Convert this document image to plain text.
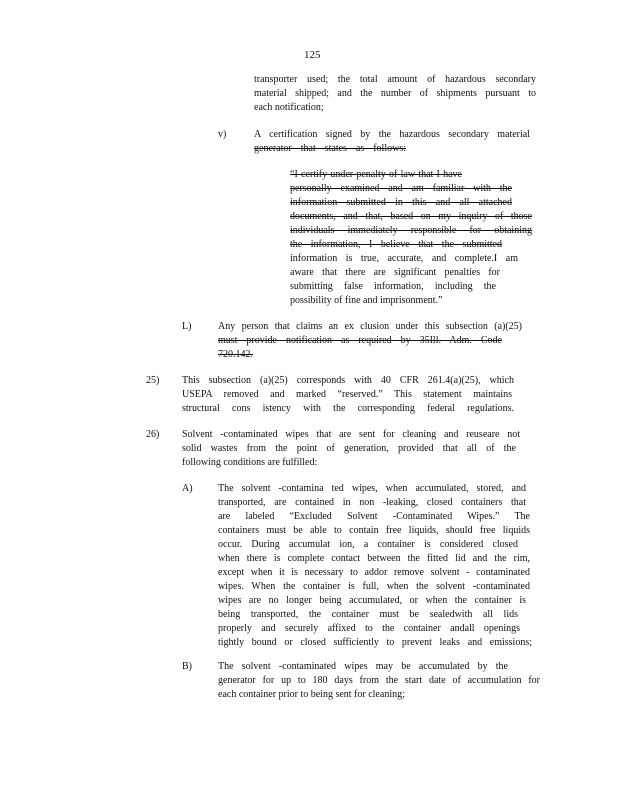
125
transporter used; the total amount of hazardous secondary
material shipped; and the number of shipments pursuant to
each notification;
v)	A certification signed by the hazardous secondary material
generator that states as follows:
“I certify under penalty of law that I have
personally examined and am familiar with the
information submitted in this and all attached
documents, and that, based on my inquiry of those
individuals immediately responsible for obtaining
the information, I believe that the submitted
information is true, accurate, and complete.I am
aware that there are significant penalties for
submitting false information, including the
possibility of fine and imprisonment.”
L)	Any person that claims an ex clusion under this subsection (a)(25)
must provide notification as required by 35Ill. Adm. Code
720.142.
25) This subsection (a)(25) corresponds with 40 CFR 261.4(a)(25), which
USEPA removed and marked “reserved.” This statement maintains
structural cons istency with the corresponding federal regulations.
26) Solvent -contaminated wipes that are sent for cleaning and reuseare not
solid wastes from the point of generation, provided that all of the
following conditions are fulfilled:
A)	The solvent -contamina ted wipes, when accumulated, stored, and
transported, are contained in non -leaking, closed containers that
are labeled “Excluded Solvent -Contaminated Wipes.” The
containers must be able to contain free liquids, should free liquids
occur. During accumulat ion, a container is considered closed
when there is complete contact between the fitted lid and the rim,
except when it is necessary to addor remove solvent - contaminated
wipes. When the container is full, when the solvent -contaminated
wipes are no longer being accumulated, or when the container is
being transported, the container must be sealedwith all lids
properly and securely affixed to the container andall openings
tightly bound or closed sufficiently to prevent leaks and emissions;
B)	The solvent -contaminated wipes may be accumulated by the
generator for up to 180 days from the start date of accumulation for
each container prior to being sent for cleaning;
